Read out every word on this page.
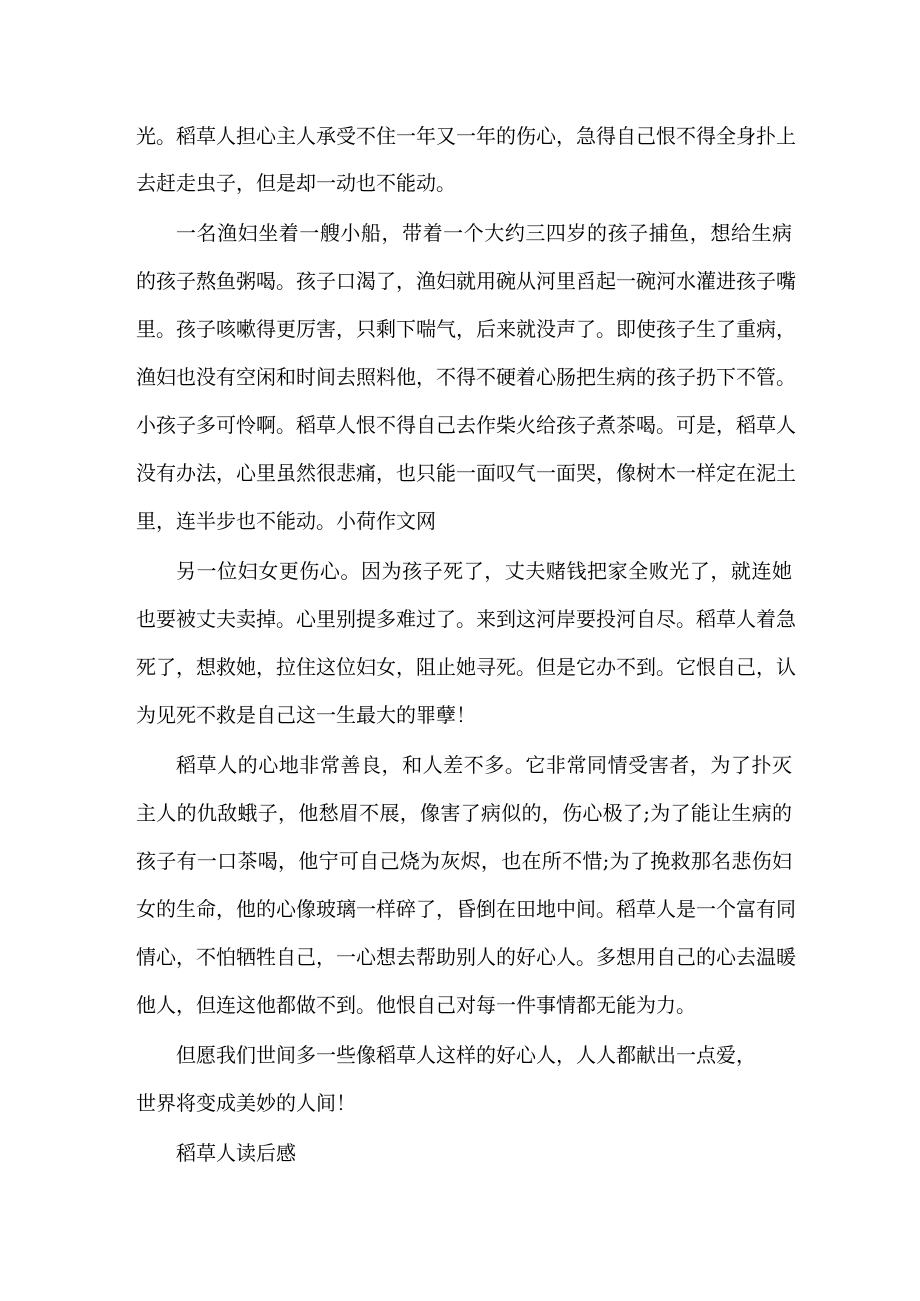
光。稻草人担心主人承受不住一年又一年的伤心，急得自己恨不得全身扑上

去赶走虫子，但是却一动也不能动。

一名渔妇坐着一艘小船，带着一个大约三四岁的孩子捕鱼，想给生病

的孩子熬鱼粥喝。孩子口渴了，渔妇就用碗从河里舀起一碗河水灌进孩子嘴

里。孩子咳嗽得更厉害，只剩下喘气，后来就没声了。即使孩子生了重病，

渔妇也没有空闲和时间去照料他，不得不硬着心肠把生病的孩子扔下不管。

小孩子多可怜啊。稻草人恨不得自己去作柴火给孩子煮茶喝。可是，稻草人

没有办法，心里虽然很悲痛，也只能一面叹气一面哭，像树木一样定在泥土

里，连半步也不能动。小荷作文网

另一位妇女更伤心。因为孩子死了，丈夫赌钱把家全败光了，就连她

也要被丈夫卖掉。心里别提多难过了。来到这河岸要投河自尽。稻草人着急

死了，想救她，拉住这位妇女，阻止她寻死。但是它办不到。它恨自己，认

为见死不救是自己这一生最大的罪孽！

稻草人的心地非常善良，和人差不多。它非常同情受害者，为了扑灭

主人的仇敌蛾子，他愁眉不展，像害了病似的，伤心极了;为了能让生病的

孩子有一口茶喝，他宁可自己烧为灰烬，也在所不惜;为了挽救那名悲伤妇

女的生命，他的心像玻璃一样碎了，昏倒在田地中间。稻草人是一个富有同

情心，不怕牺牲自己，一心想去帮助别人的好心人。多想用自己的心去温暖

他人，但连这他都做不到。他恨自己对每一件事情都无能为力。

但愿我们世间多一些像稻草人这样的好心人，人人都献出一点爱，

世界将变成美妙的人间！

稻草人读后感
